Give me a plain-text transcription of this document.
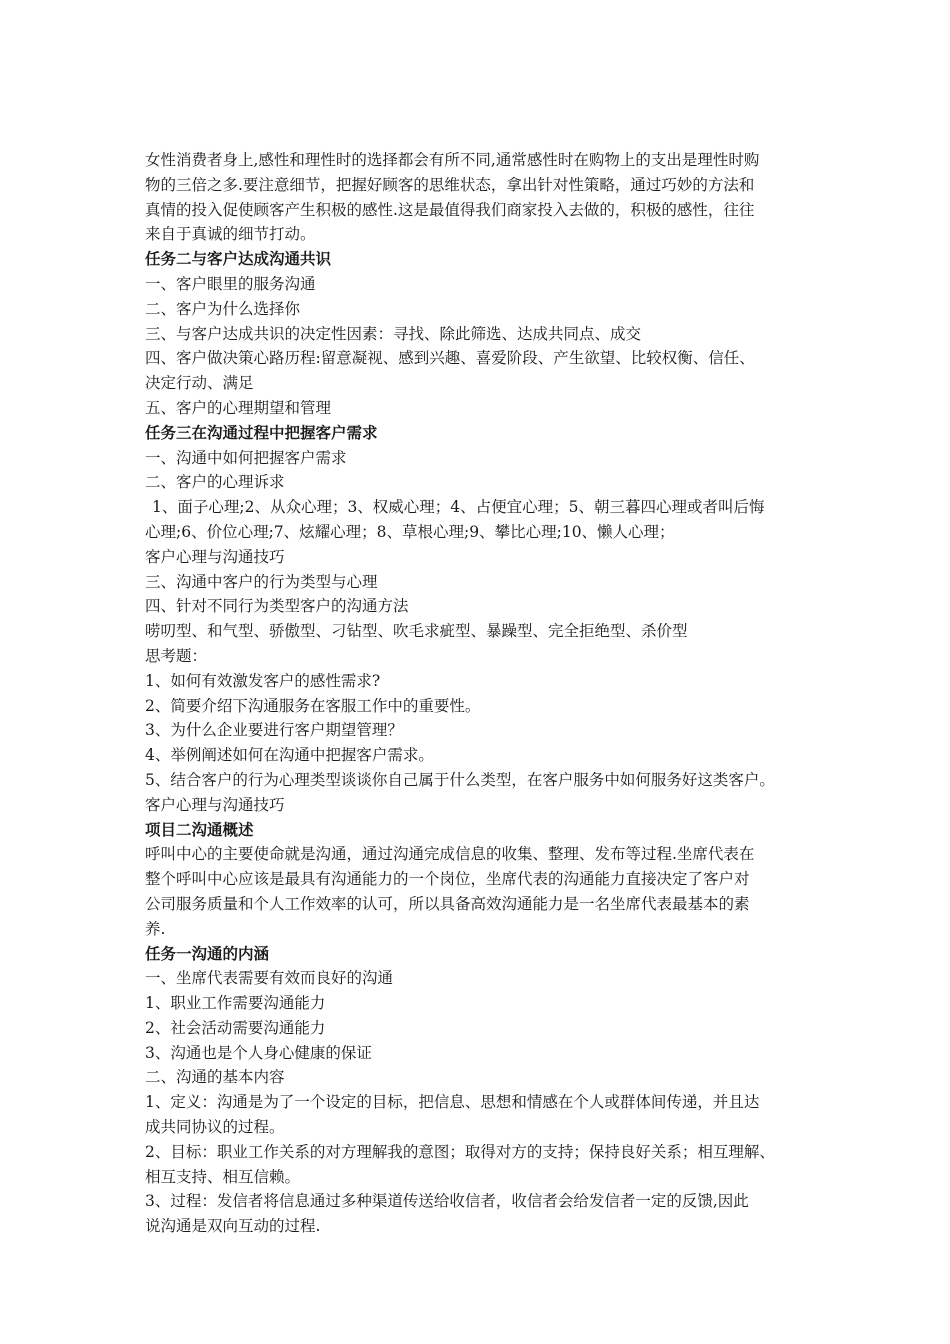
女性消费者身上,感性和理性时的选择都会有所不同,通常感性时在购物上的支出是理性时购

物的三倍之多.要注意细节，把握好顾客的思维状态，拿出针对性策略，通过巧妙的方法和

真情的投入促使顾客产生积极的感性.这是最值得我们商家投入去做的，积极的感性，往往

来自于真诚的细节打动。

任务二与客户达成沟通共识

一、客户眼里的服务沟通

二、客户为什么选择你

三、与客户达成共识的决定性因素：寻找、除此筛选、达成共同点、成交

四、客户做决策心路历程:留意凝视、感到兴趣、喜爱阶段、产生欲望、比较权衡、信任、

决定行动、满足

五、客户的心理期望和管理

任务三在沟通过程中把握客户需求

一、沟通中如何把握客户需求

二、客户的心理诉求

1、面子心理;2、从众心理；3、权威心理；4、占便宜心理；5、朝三暮四心理或者叫后悔

心理;6、价位心理;7、炫耀心理；8、草根心理;9、攀比心理;10、懒人心理；

客户心理与沟通技巧

三、沟通中客户的行为类型与心理

四、针对不同行为类型客户的沟通方法

唠叨型、和气型、骄傲型、刁钻型、吹毛求疵型、暴躁型、完全拒绝型、杀价型

思考题：

1、如何有效激发客户的感性需求?

2、简要介绍下沟通服务在客服工作中的重要性。

3、为什么企业要进行客户期望管理？

4、举例阐述如何在沟通中把握客户需求。

5、结合客户的行为心理类型谈谈你自己属于什么类型，在客户服务中如何服务好这类客户。

客户心理与沟通技巧

项目二沟通概述

呼叫中心的主要使命就是沟通，通过沟通完成信息的收集、整理、发布等过程.坐席代表在

整个呼叫中心应该是最具有沟通能力的一个岗位，坐席代表的沟通能力直接决定了客户对

公司服务质量和个人工作效率的认可，所以具备高效沟通能力是一名坐席代表最基本的素

养.

任务一沟通的内涵

一、坐席代表需要有效而良好的沟通

1、职业工作需要沟通能力

2、社会活动需要沟通能力

3、沟通也是个人身心健康的保证

二、沟通的基本内容

1、定义：沟通是为了一个设定的目标，把信息、思想和情感在个人或群体间传递，并且达

成共同协议的过程。

2、目标：职业工作关系的对方理解我的意图；取得对方的支持；保持良好关系；相互理解、

相互支持、相互信赖。

3、过程：发信者将信息通过多种渠道传送给收信者，收信者会给发信者一定的反馈,因此

说沟通是双向互动的过程.
